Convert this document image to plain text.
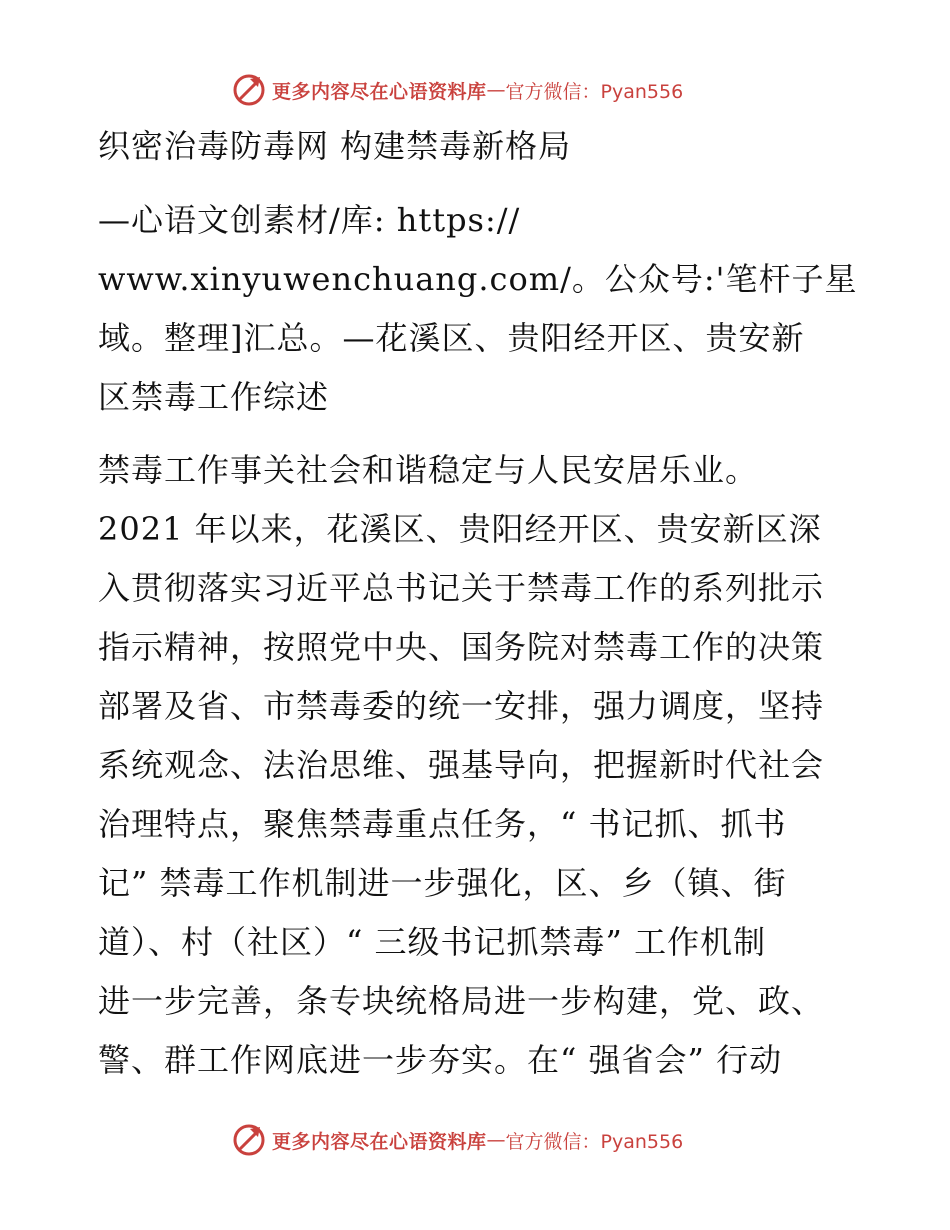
更多内容尽在心语资料库 — 官方微信：Pyan556
织密治毒防毒网 构建禁毒新格局
—心语文创素材/库: https://
www.xinyuwenchuang.com/。公众号:'笔杆子星
域。整理]汇总。—花溪区、贵阳经开区、贵安新
区禁毒工作综述
禁毒工作事关社会和谐稳定与人民安居乐业。
2021 年以来，花溪区、贵阳经开区、贵安新区深
入贯彻落实习近平总书记关于禁毒工作的系列批示
指示精神，按照党中央、国务院对禁毒工作的决策
部署及省、市禁毒委的统一安排，强力调度，坚持
系统观念、法治思维、强基导向，把握新时代社会
治理特点，聚焦禁毒重点任务，“ 书记抓、抓书
记” 禁毒工作机制进一步强化，区、乡（镇、街
道）、村（社区）“ 三级书记抓禁毒” 工作机制
进一步完善，条专块统格局进一步构建，党、政、
警、群工作网底进一步夯实。在“ 强省会” 行动
更多内容尽在心语资料库 — 官方微信：Pyan556
